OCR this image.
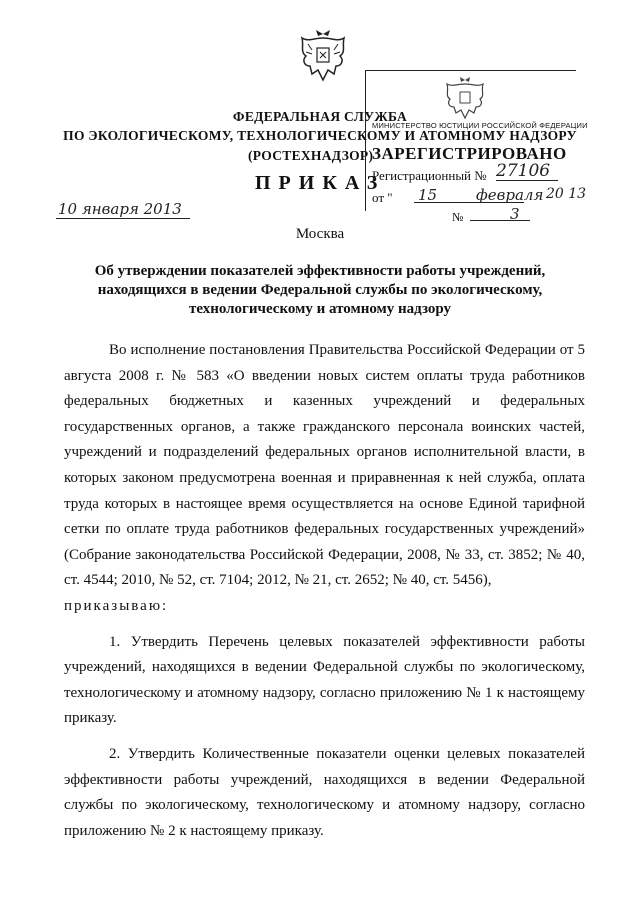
ФЕДЕРАЛЬНАЯ СЛУЖБА
ПО ЭКОЛОГИЧЕСКОМУ, ТЕХНОЛОГИЧЕСКОМУ И АТОМНОМУ НАДЗОРУ
(РОСТЕХНАДЗОР)
ПРИКАЗ
МИНИСТЕРСТВО ЮСТИЦИИ РОССИЙСКОЙ ФЕДЕРАЦИИ
ЗАРЕГИСТРИРОВАНО
Регистрационный № 27106
от " 15	февраля 20 13
№	3
10 января 2013
Москва
Об утверждении показателей эффективности работы учреждений, находящихся в ведении Федеральной службы по экологическому, технологическому и атомному надзору

Во исполнение постановления Правительства Российской Федерации от 5 августа 2008 г. № 583 «О введении новых систем оплаты труда работников федеральных бюджетных и казенных учреждений и федеральных государственных органов, а также гражданского персонала воинских частей, учреждений и подразделений федеральных органов исполнительной власти, в которых законом предусмотрена военная и приравненная к ней служба, оплата труда которых в настоящее время осуществляется на основе Единой тарифной сетки по оплате труда работников федеральных государственных учреждений» (Собрание законодательства Российской Федерации, 2008, № 33, ст. 3852; № 40, ст. 4544; 2010, № 52, ст. 7104; 2012, № 21, ст. 2652; № 40, ст. 5456),

приказываю:

1. Утвердить Перечень целевых показателей эффективности работы учреждений, находящихся в ведении Федеральной службы по экологическому, технологическому и атомному надзору, согласно приложению № 1 к настоящему приказу.

2. Утвердить Количественные показатели оценки целевых показателей эффективности работы учреждений, находящихся в ведении Федеральной службы по экологическому, технологическому и атомному надзору, согласно приложению № 2 к настоящему приказу.
